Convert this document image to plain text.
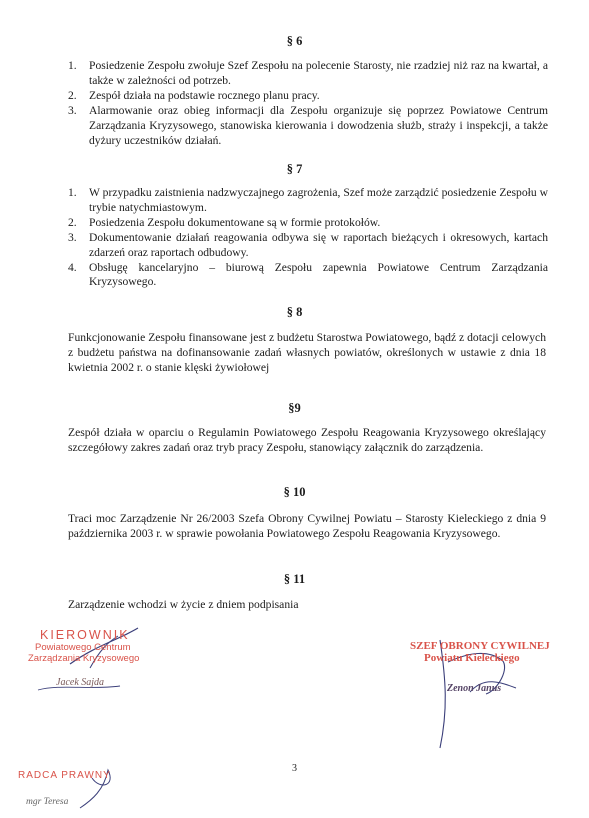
§ 6
1. Posiedzenie Zespołu zwołuje Szef Zespołu na polecenie Starosty, nie rzadziej niż raz na kwartał, a także w zależności od potrzeb.
2. Zespół działa na podstawie rocznego planu pracy.
3. Alarmowanie oraz obieg informacji dla Zespołu organizuje się poprzez Powiatowe Centrum Zarządzania Kryzysowego, stanowiska kierowania i dowodzenia służb, straży i inspekcji, a także dyżury uczestników działań.
§ 7
1. W przypadku zaistnienia nadzwyczajnego zagrożenia, Szef może zarządzić posiedzenie Zespołu w trybie natychmiastowym.
2. Posiedzenia Zespołu dokumentowane są w formie protokołów.
3. Dokumentowanie działań reagowania odbywa się w raportach bieżących i okresowych, kartach zdarzeń oraz raportach odbudowy.
4. Obsługę kancelaryjno – biurową Zespołu zapewnia Powiatowe Centrum Zarządzania Kryzysowego.
§ 8

Funkcjonowanie Zespołu finansowane jest z budżetu Starostwa Powiatowego, bądź z dotacji celowych z budżetu państwa na dofinansowanie zadań własnych powiatów, określonych w ustawie z dnia 18 kwietnia 2002 r. o stanie klęski żywiołowej

§9

Zespół działa w oparciu o Regulamin Powiatowego Zespołu Reagowania Kryzysowego określający szczegółowy zakres zadań oraz tryb pracy Zespołu, stanowiący załącznik do zarządzenia.

§ 10

Traci moc Zarządzenie Nr 26/2003 Szefa Obrony Cywilnej Powiatu – Starosty Kieleckiego z dnia 9 października 2003 r. w sprawie powołania Powiatowego Zespołu Reagowania Kryzysowego.

§ 11

Zarządzenie wchodzi w życie z dniem podpisania

KIEROWNIK
Powiatowego Centrum
Zarządzania Kryzysowego
Jacek Sajda
SZEF OBRONY CYWILNEJ
Powiatu Kieleckiego
Zenon Janus
3
RADCA PRAWNY
mgr Teresa
